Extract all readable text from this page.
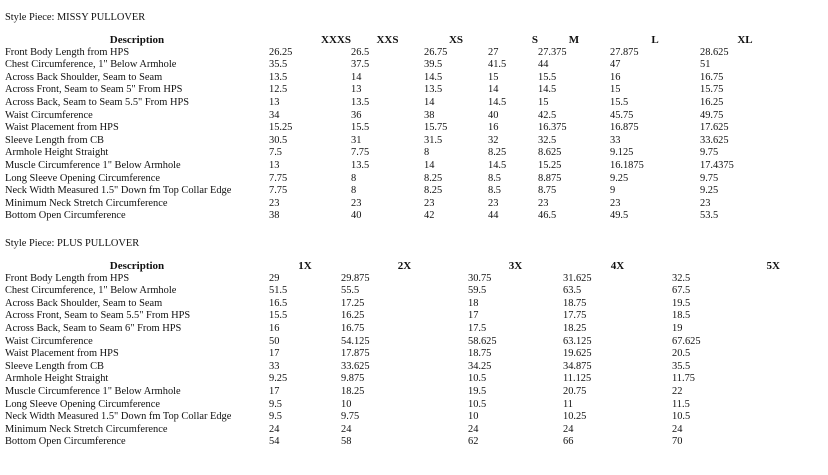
Style Piece: MISSY PULLOVER
Description	XXXS	XXS	XS	S	M	L	XL
Front Body Length from HPS	26.25	26.5	26.75	27	27.375	27.875	28.625
Chest Circumference, 1" Below Armhole	35.5	37.5	39.5	41.5	44	47	51
Across Back Shoulder, Seam to Seam	13.5	14	14.5	15	15.5	16	16.75
Across Front, Seam to Seam 5" From HPS	12.5	13	13.5	14	14.5	15	15.75
Across Back, Seam to Seam 5.5" From HPS	13	13.5	14	14.5	15	15.5	16.25
Waist Circumference	34	36	38	40	42.5	45.75	49.75
Waist Placement from HPS	15.25	15.5	15.75	16	16.375	16.875	17.625
Sleeve Length from CB	30.5	31	31.5	32	32.5	33	33.625
Armhole Height Straight	7.5	7.75	8	8.25	8.625	9.125	9.75
Muscle Circumference 1" Below Armhole	13	13.5	14	14.5	15.25	16.1875	17.4375
Long Sleeve Opening Circumference	7.75	8	8.25	8.5	8.875	9.25	9.75
Neck Width Measured 1.5" Down fm Top Collar Edge	7.75	8	8.25	8.5	8.75	9	9.25
Minimum Neck Stretch Circumference	23	23	23	23	23	23	23
Bottom Open Circumference	38	40	42	44	46.5	49.5	53.5
Style Piece: PLUS PULLOVER
Description	1X	2X	3X	4X	5X
Front Body Length from HPS	29	29.875	30.75	31.625	32.5
Chest Circumference, 1" Below Armhole	51.5	55.5	59.5	63.5	67.5
Across Back Shoulder, Seam to Seam	16.5	17.25	18	18.75	19.5
Across Front, Seam to Seam 5.5" From HPS	15.5	16.25	17	17.75	18.5
Across Back, Seam to Seam 6" From HPS	16	16.75	17.5	18.25	19
Waist Circumference	50	54.125	58.625	63.125	67.625
Waist Placement from HPS	17	17.875	18.75	19.625	20.5
Sleeve Length from CB	33	33.625	34.25	34.875	35.5
Armhole Height Straight	9.25	9.875	10.5	11.125	11.75
Muscle Circumference 1" Below Armhole	17	18.25	19.5	20.75	22
Long Sleeve Opening Circumference	9.5	10	10.5	11	11.5
Neck Width Measured 1.5" Down fm Top Collar Edge	9.5	9.75	10	10.25	10.5
Minimum Neck Stretch Circumference	24	24	24	24	24
Bottom Open Circumference	54	58	62	66	70
